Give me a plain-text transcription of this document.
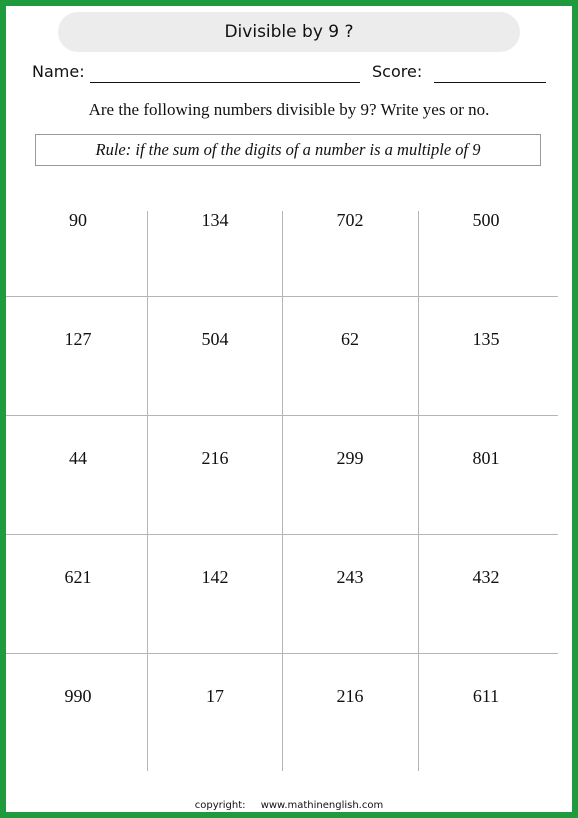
Divisible by 9 ?
Name:	Score:
Are the following numbers divisible by 9? Write yes or no.
Rule: if the sum of the digits of a number is a multiple of 9
90	134	702	500
127	504	62	135
44	216	299	801
621	142	243	432
990	17	216	611
copyright: www.mathinenglish.com
